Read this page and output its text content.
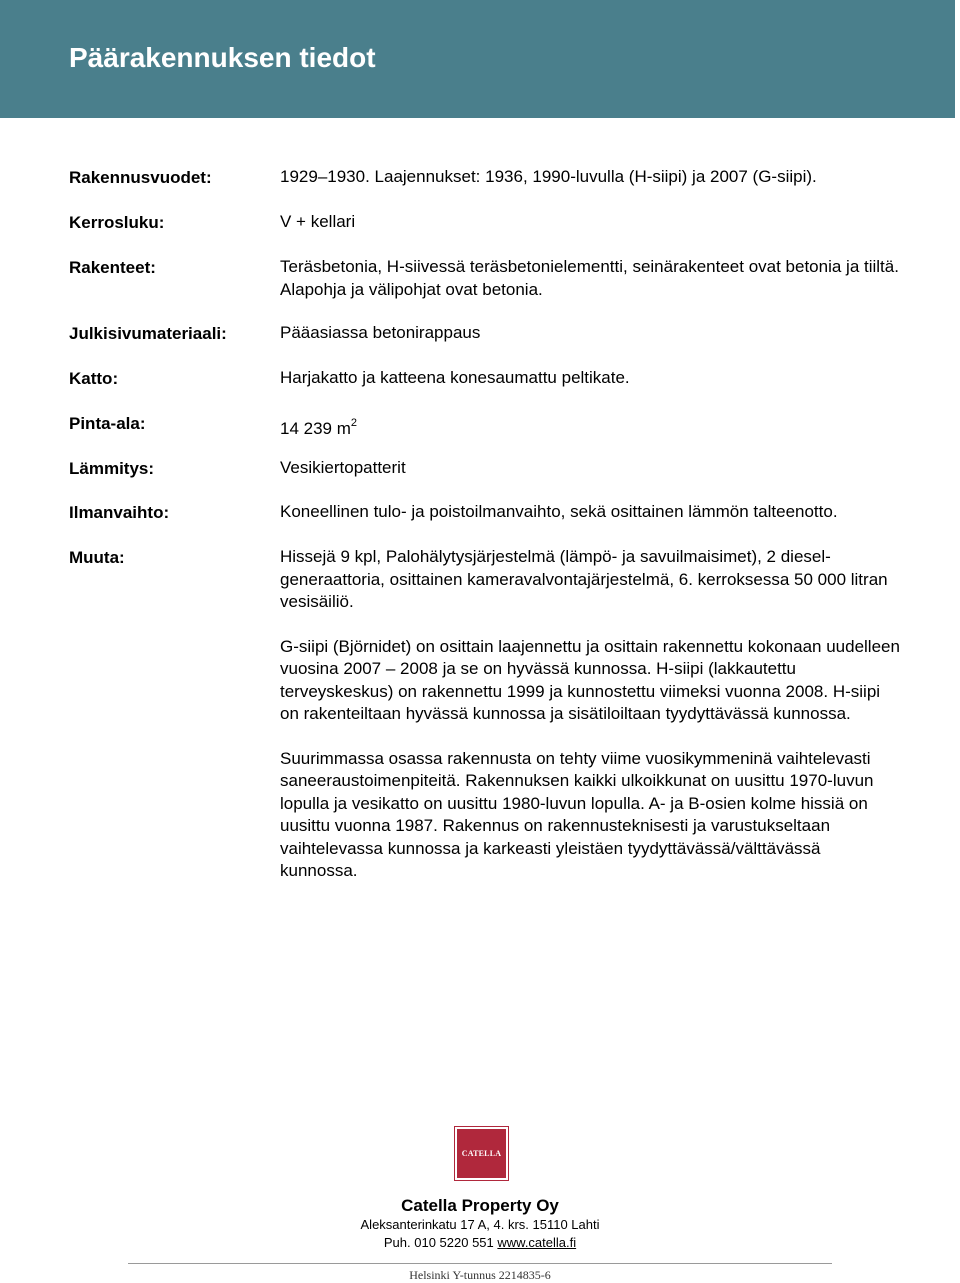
Päärakennuksen tiedot
Rakennusvuodet:	1929–1930. Laajennukset: 1936, 1990-luvulla (H-siipi) ja 2007 (G-siipi).
Kerrosluku:	V + kellari
Rakenteet:	Teräsbetonia, H-siivessä teräsbetonielementti, seinärakenteet ovat betonia ja tiiltä. Alapohja ja välipohjat ovat betonia.
Julkisivumateriaali:	Pääasiassa betonirappaus
Katto:	Harjakatto ja katteena konesaumattu peltikate.
Pinta-ala:	14 239 $m^2$
Lämmitys:	Vesikiertopatterit
Ilmanvaihto:	Koneellinen tulo- ja poistoilmanvaihto, sekä osittainen lämmön talteenotto.
Muuta:	Hissejä 9 kpl, Palohälytysjärjestelmä (lämpö- ja savuilmaisimet), 2 diesel-generaattoria, osittainen kameravalvontajärjestelmä, 6. kerroksessa 50 000 litran vesisäiliö.

G-siipi (Björnidet) on osittain laajennettu ja osittain rakennettu kokonaan uudelleen vuosina 2007 – 2008 ja se on hyvässä kunnossa. H-siipi (lakkautettu terveyskeskus) on rakennettu 1999 ja kunnostettu viimeksi vuonna 2008. H-siipi on rakenteiltaan hyvässä kunnossa ja sisätiloiltaan tyydyttävässä kunnossa.

Suurimmassa osassa rakennusta on tehty viime vuosikymmeninä vaihtelevasti saneeraustoimenpiteitä. Rakennuksen kaikki ulkoikkunat on uusittu 1970-luvun lopulla ja vesikatto on uusittu 1980-luvun lopulla. A- ja B-osien kolme hissiä on uusittu vuonna 1987. Rakennus on rakennusteknisesti ja varustukseltaan vaihtelevassa kunnossa ja karkeasti yleistäen tyydyttävässä/välttävässä kunnossa.

CATELLA
Catella Property Oy
Aleksanterinkatu 17 A, 4. krs. 15110 Lahti
Puh. 010 5220 551 www.catella.fi
Helsinki Y-tunnus 2214835-6
